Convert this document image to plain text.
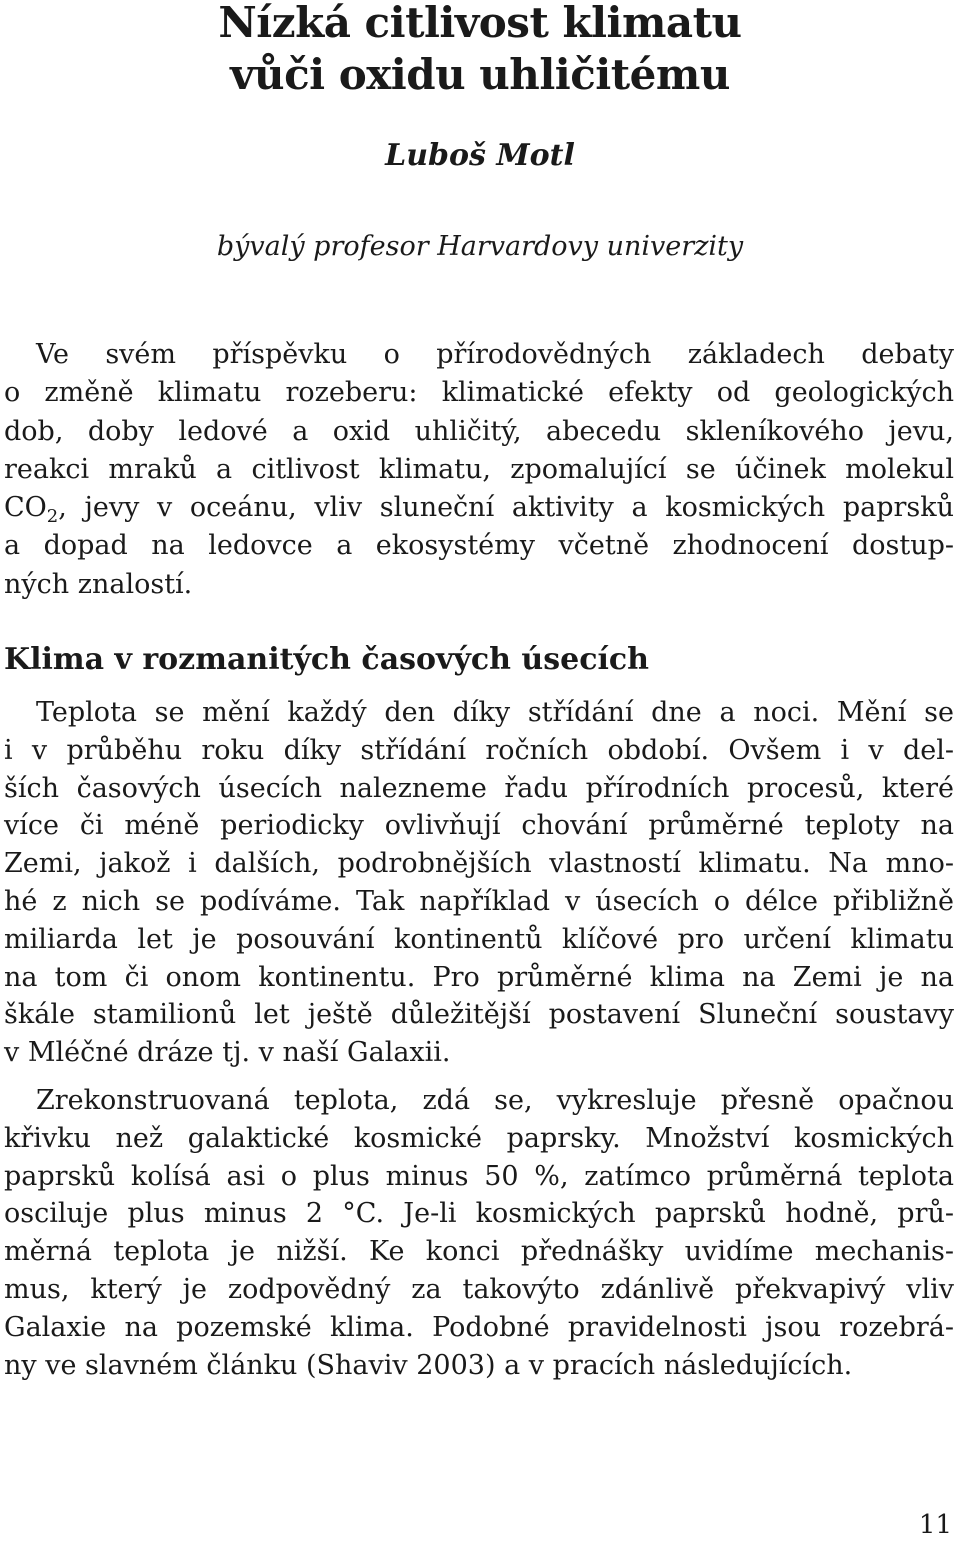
Nízká citlivost klimatu
vůči oxidu uhličitému

Luboš Motl

bývalý profesor Harvardovy univerzity

Ve svém příspěvku o přírodovědných základech debaty
o změně klimatu rozeberu: klimatické efekty od geologických
dob, doby ledové a oxid uhličitý, abecedu skleníkového jevu,
reakci mraků a citlivost klimatu, zpomalující se účinek molekul
$CO_2$, jevy v oceánu, vliv sluneční aktivity a kosmických paprsků
a dopad na ledovce a ekosystémy včetně zhodnocení dostup-
ných znalostí.
Klima v rozmanitých časových úsecích
Teplota se mění každý den díky střídání dne a noci. Mění se
i v průběhu roku díky střídání ročních období. Ovšem i v del-
ších časových úsecích nalezneme řadu přírodních procesů, které
více či méně periodicky ovlivňují chování průměrné teploty na
Zemi, jakož i dalších, podrobnějších vlastností klimatu. Na mno-
hé z nich se podíváme. Tak například v úsecích o délce přibližně
miliarda let je posouvání kontinentů klíčové pro určení klimatu
na tom či onom kontinentu. Pro průměrné klima na Zemi je na
škále stamilionů let ještě důležitější postavení Sluneční soustavy
v Mléčné dráze tj. v naší Galaxii.
Zrekonstruovaná teplota, zdá se, vykresluje přesně opačnou
křivku než galaktické kosmické paprsky. Množství kosmických
paprsků kolísá asi o plus minus 50 %, zatímco průměrná teplota
osciluje plus minus 2 °C. Je-li kosmických paprsků hodně, prů-
měrná teplota je nižší. Ke konci přednášky uvidíme mechanis-
mus, který je zodpovědný za takovýto zdánlivě překvapivý vliv
Galaxie na pozemské klima. Podobné pravidelnosti jsou rozebrá-
ny ve slavném článku (Shaviv 2003) a v pracích následujících.

11
